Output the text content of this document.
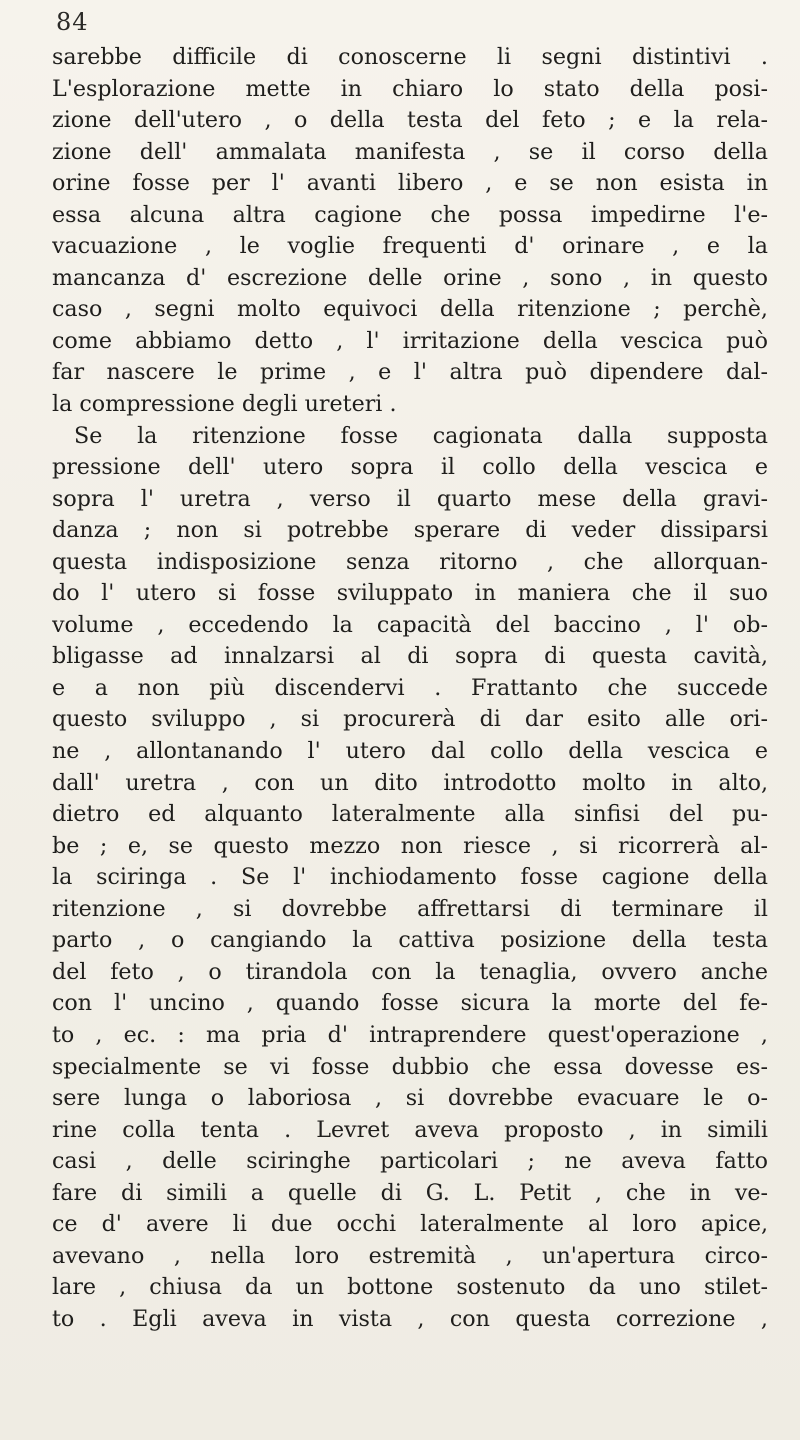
84
sarebbe difficile di conoscerne li segni distintivi .
L'esplorazione mette in chiaro lo stato della posi-
zione dell'utero , o della testa del feto ; e la rela-
zione dell' ammalata manifesta , se il corso della
orine fosse per l' avanti libero , e se non esista in
essa alcuna altra cagione che possa impedirne l'e-
vacuazione , le voglie frequenti d' orinare , e la
mancanza d' escrezione delle orine , sono , in questo
caso , segni molto equivoci della ritenzione ; perchè,
come abbiamo detto , l' irritazione della vescica può
far nascere le prime , e l' altra può dipendere dal-
la compressione degli ureteri .
Se la ritenzione fosse cagionata dalla supposta
pressione dell' utero sopra il collo della vescica e
sopra l' uretra , verso il quarto mese della gravi-
danza ; non si potrebbe sperare di veder dissiparsi
questa indisposizione senza ritorno , che allorquan-
do l' utero si fosse sviluppato in maniera che il suo
volume , eccedendo la capacità del baccino , l' ob-
bligasse ad innalzarsi al di sopra di questa cavità,
e a non più discendervi . Frattanto che succede
questo sviluppo , si procurerà di dar esito alle ori-
ne , allontanando l' utero dal collo della vescica e
dall' uretra , con un dito introdotto molto in alto,
dietro ed alquanto lateralmente alla sinfisi del pu-
be ; e, se questo mezzo non riesce , si ricorrerà al-
la sciringa . Se l' inchiodamento fosse cagione della
ritenzione , si dovrebbe affrettarsi di terminare il
parto , o cangiando la cattiva posizione della testa
del feto , o tirandola con la tenaglia, ovvero anche
con l' uncino , quando fosse sicura la morte del fe-
to , ec. : ma pria d' intraprendere quest'operazione ,
specialmente se vi fosse dubbio che essa dovesse es-
sere lunga o laboriosa , si dovrebbe evacuare le o-
rine colla tenta . Levret aveva proposto , in simili
casi , delle sciringhe particolari ; ne aveva fatto
fare di simili a quelle di G. L. Petit , che in ve-
ce d' avere li due occhi lateralmente al loro apice,
avevano , nella loro estremità , un'apertura circo-
lare , chiusa da un bottone sostenuto da uno stilet-
to . Egli aveva in vista , con questa correzione ,
